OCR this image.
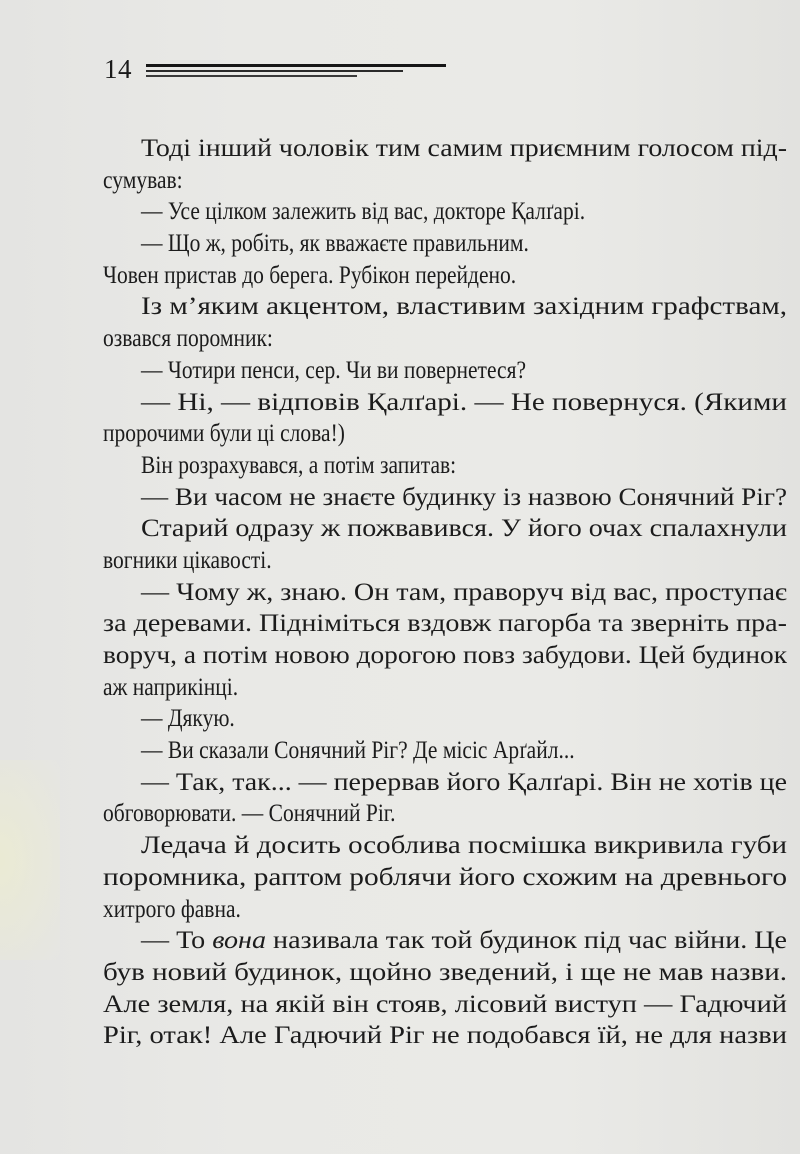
14
Тоді інший чоловік тим самим приємним голосом під-
сумував:
— Усе цілком залежить від вас, докторе Қалґарі.
— Що ж, робіть, як вважаєте правильним.
Човен пристав до берега. Рубікон перейдено.
Із м’яким акцентом, властивим західним графствам,
озвався поромник:
— Чотири пенси, сер. Чи ви повернетеся?
— Ні, — відповів Қалґарі. — Не повернуся. (Якими
пророчими були ці слова!)
Він розрахувався, а потім запитав:
— Ви часом не знаєте будинку із назвою Сонячний Ріг?
Старий одразу ж пожвавився. У його очах спалахнули
вогники цікавості.
— Чому ж, знаю. Он там, праворуч від вас, проступає
за деревами. Підніміться вздовж пагорба та зверніть пра-
воруч, а потім новою дорогою повз забудови. Цей будинок
аж наприкінці.
— Дякую.
— Ви сказали Сонячний Ріг? Де місіс Арґайл...
— Так, так... — перервав його Қалґарі. Він не хотів це
обговорювати. — Сонячний Ріг.
Ледача й досить особлива посмішка викривила губи
поромника, раптом роблячи його схожим на древнього
хитрого фавна.
— То вона називала так той будинок під час війни. Це
був новий будинок, щойно зведений, і ще не мав назви.
Але земля, на якій він стояв, лісовий виступ — Гадючий
Ріг, отак! Але Гадючий Ріг не подобався їй, не для назви
